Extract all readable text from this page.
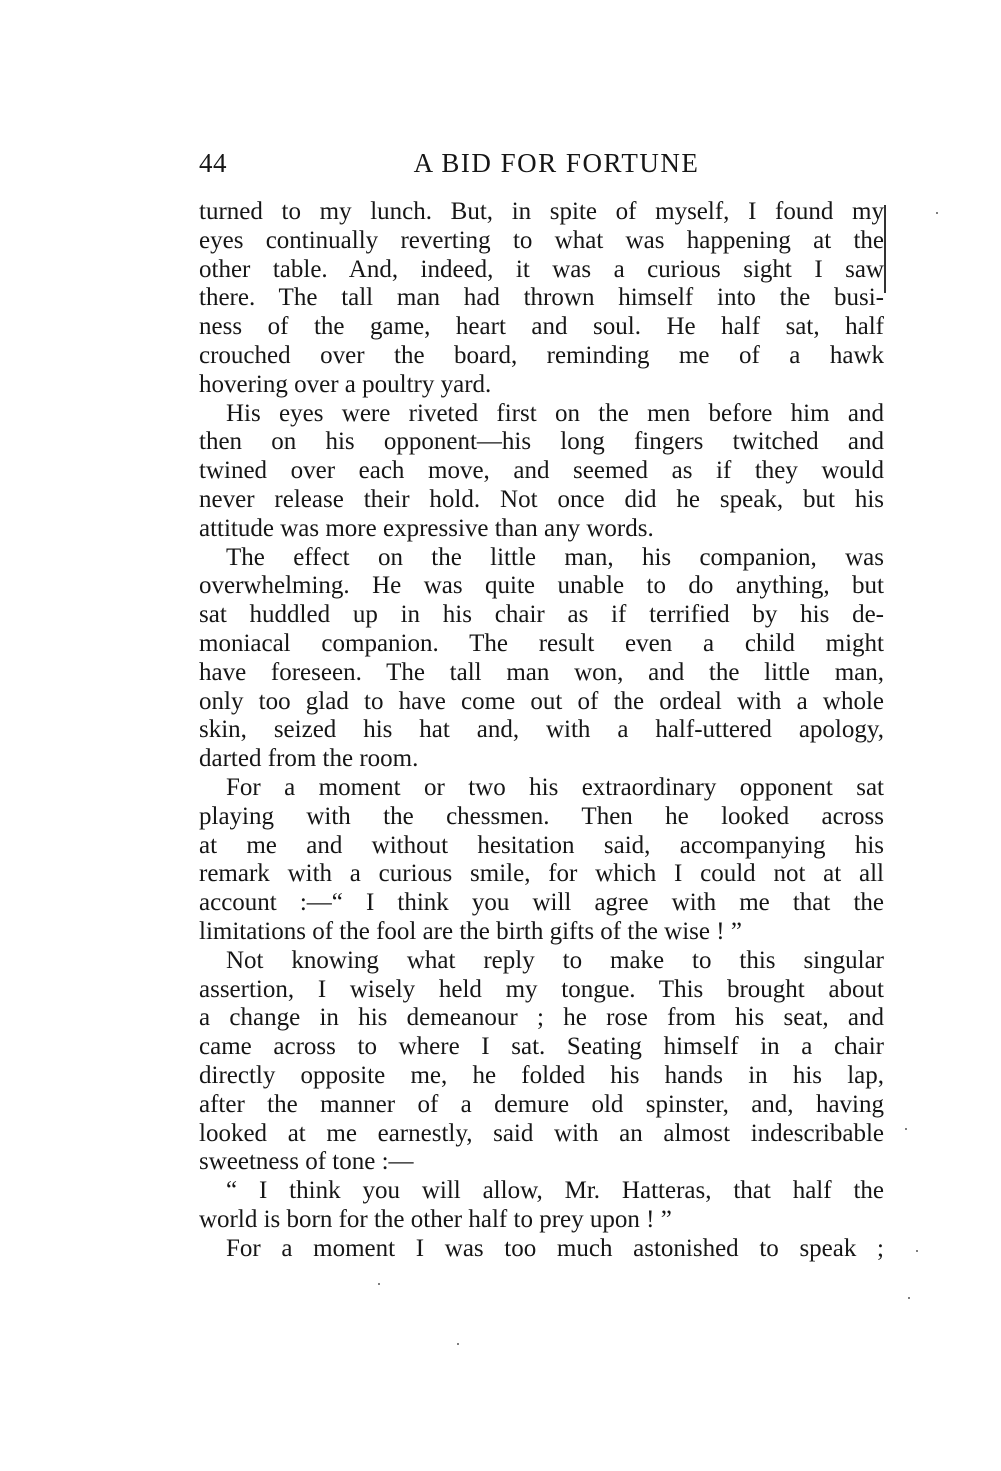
44	A BID FOR FORTUNE
turned to my lunch. But, in spite of myself, I found my
eyes continually reverting to what was happening at the
other table. And, indeed, it was a curious sight I saw
there. The tall man had thrown himself into the busi-
ness of the game, heart and soul. He half sat, half
crouched over the board, reminding me of a hawk
hovering over a poultry yard.
His eyes were riveted first on the men before him and
then on his opponent—his long fingers twitched and
twined over each move, and seemed as if they would
never release their hold. Not once did he speak, but his
attitude was more expressive than any words.
The effect on the little man, his companion, was
overwhelming. He was quite unable to do anything, but
sat huddled up in his chair as if terrified by his de-
moniacal companion. The result even a child might
have foreseen. The tall man won, and the little man,
only too glad to have come out of the ordeal with a whole
skin, seized his hat and, with a half-uttered apology,
darted from the room.
For a moment or two his extraordinary opponent sat
playing with the chessmen. Then he looked across
at me and without hesitation said, accompanying his
remark with a curious smile, for which I could not at all
account :—“ I think you will agree with me that the
limitations of the fool are the birth gifts of the wise ! ”
Not knowing what reply to make to this singular
assertion, I wisely held my tongue. This brought about
a change in his demeanour ; he rose from his seat, and
came across to where I sat. Seating himself in a chair
directly opposite me, he folded his hands in his lap,
after the manner of a demure old spinster, and, having
looked at me earnestly, said with an almost indescribable
sweetness of tone :—
“ I think you will allow, Mr. Hatteras, that half the
world is born for the other half to prey upon ! ”
For a moment I was too much astonished to speak ;
